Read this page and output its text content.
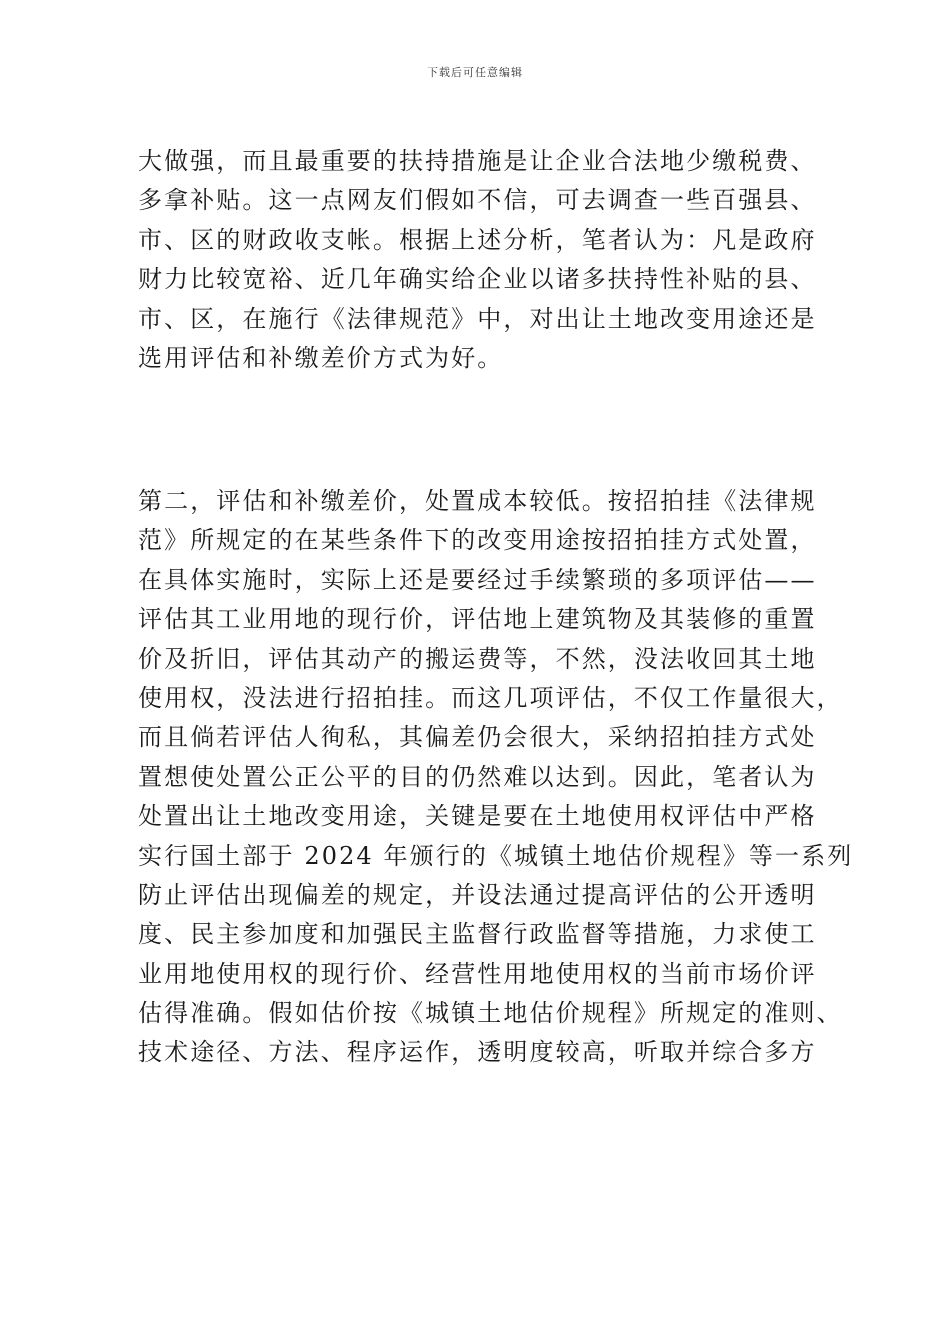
下载后可任意编辑
大做强，而且最重要的扶持措施是让企业合法地少缴税费、
多拿补贴。这一点网友们假如不信，可去调查一些百强县、
市、区的财政收支帐。根据上述分析，笔者认为：凡是政府
财力比较宽裕、近几年确实给企业以诸多扶持性补贴的县、
市、区，在施行《法律规范》中，对出让土地改变用途还是
选用评估和补缴差价方式为好。
第二，评估和补缴差价，处置成本较低。按招拍挂《法律规
范》所规定的在某些条件下的改变用途按招拍挂方式处置，
在具体实施时，实际上还是要经过手续繁琐的多项评估——
评估其工业用地的现行价，评估地上建筑物及其装修的重置
价及折旧，评估其动产的搬运费等，不然，没法收回其土地
使用权，没法进行招拍挂。而这几项评估，不仅工作量很大，
而且倘若评估人徇私，其偏差仍会很大，采纳招拍挂方式处
置想使处置公正公平的目的仍然难以达到。因此，笔者认为
处置出让土地改变用途，关键是要在土地使用权评估中严格
实行国土部于 2024 年颁行的《城镇土地估价规程》等一系列
防止评估出现偏差的规定，并设法通过提高评估的公开透明
度、民主参加度和加强民主监督行政监督等措施，力求使工
业用地使用权的现行价、经营性用地使用权的当前市场价评
估得准确。假如估价按《城镇土地估价规程》所规定的准则、
技术途径、方法、程序运作，透明度较高，听取并综合多方
